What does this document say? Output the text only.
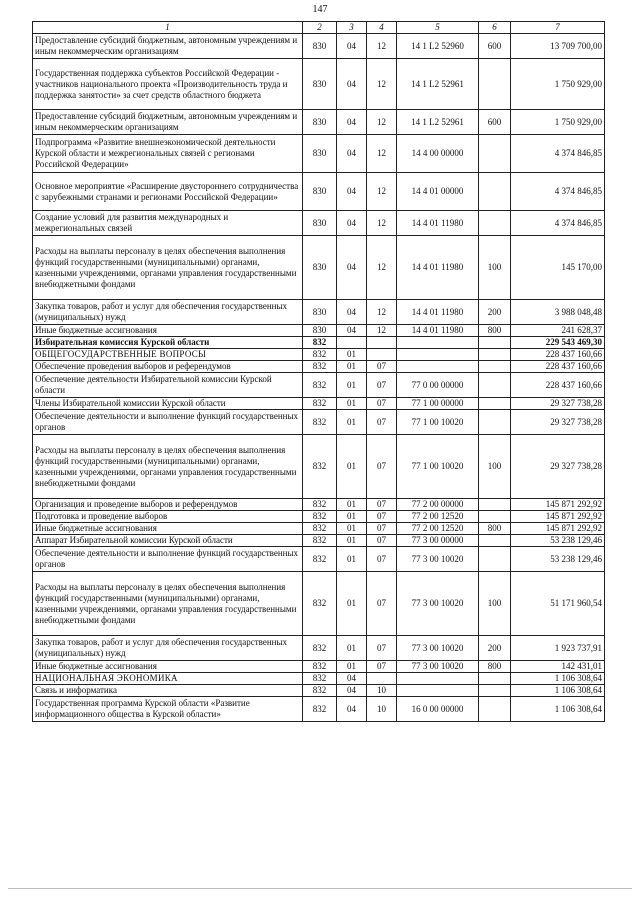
147
1	2	3	4	5	6	7
Предоставление субсидий бюджетным, автономным учреждениям и иным некоммерческим организациям	830	04	12	14 1 L2 52960	600	13 709 700,00
Государственная поддержка субъектов Российской Федерации - участников национального проекта «Производительность труда и поддержка занятости» за счет средств областного бюджета	830	04	12	14 1 L2 52961		1 750 929,00
Предоставление субсидий бюджетным, автономным учреждениям и иным некоммерческим организациям	830	04	12	14 1 L2 52961	600	1 750 929,00
Подпрограмма «Развитие внешнеэкономической деятельности Курской области и межрегиональных связей с регионами Российской Федерации»	830	04	12	14 4 00 00000		4 374 846,85
Основное мероприятие «Расширение двустороннего сотрудничества с зарубежными странами и регионами Российской Федерации»	830	04	12	14 4 01 00000		4 374 846,85
Создание условий для развития международных и межрегиональных связей	830	04	12	14 4 01 11980		4 374 846,85
Расходы на выплаты персоналу в целях обеспечения выполнения функций государственными (муниципальными) органами, казенными учреждениями, органами управления государственными внебюджетными фондами	830	04	12	14 4 01 11980	100	145 170,00
Закупка товаров, работ и услуг для обеспечения государственных (муниципальных) нужд	830	04	12	14 4 01 11980	200	3 988 048,48
Иные бюджетные ассигнования	830	04	12	14 4 01 11980	800	241 628,37
Избирательная комиссия Курской области	832					229 543 469,30
ОБЩЕГОСУДАРСТВЕННЫЕ ВОПРОСЫ	832	01				228 437 160,66
Обеспечение проведения выборов и референдумов	832	01	07			228 437 160,66
Обеспечение деятельности Избирательной комиссии Курской области	832	01	07	77 0 00 00000		228 437 160,66
Члены Избирательной комиссии Курской области	832	01	07	77 1 00 00000		29 327 738,28
Обеспечение деятельности и выполнение функций государственных органов	832	01	07	77 1 00 10020		29 327 738,28
Расходы на выплаты персоналу в целях обеспечения выполнения функций государственными (муниципальными) органами, казенными учреждениями, органами управления государственными внебюджетными фондами	832	01	07	77 1 00 10020	100	29 327 738,28
Организация и проведение выборов и референдумов	832	01	07	77 2 00 00000		145 871 292,92
Подготовка и проведение выборов	832	01	07	77 2 00 12520		145 871 292,92
Иные бюджетные ассигнования	832	01	07	77 2 00 12520	800	145 871 292,92
Аппарат Избирательной комиссии Курской области	832	01	07	77 3 00 00000		53 238 129,46
Обеспечение деятельности и выполнение функций государственных органов	832	01	07	77 3 00 10020		53 238 129,46
Расходы на выплаты персоналу в целях обеспечения выполнения функций государственными (муниципальными) органами, казенными учреждениями, органами управления государственными внебюджетными фондами	832	01	07	77 3 00 10020	100	51 171 960,54
Закупка товаров, работ и услуг для обеспечения государственных (муниципальных) нужд	832	01	07	77 3 00 10020	200	1 923 737,91
Иные бюджетные ассигнования	832	01	07	77 3 00 10020	800	142 431,01
НАЦИОНАЛЬНАЯ ЭКОНОМИКА	832	04				1 106 308,64
Связь и информатика	832	04	10			1 106 308,64
Государственная программа Курской области «Развитие информационного общества в Курской области»	832	04	10	16 0 00 00000		1 106 308,64
